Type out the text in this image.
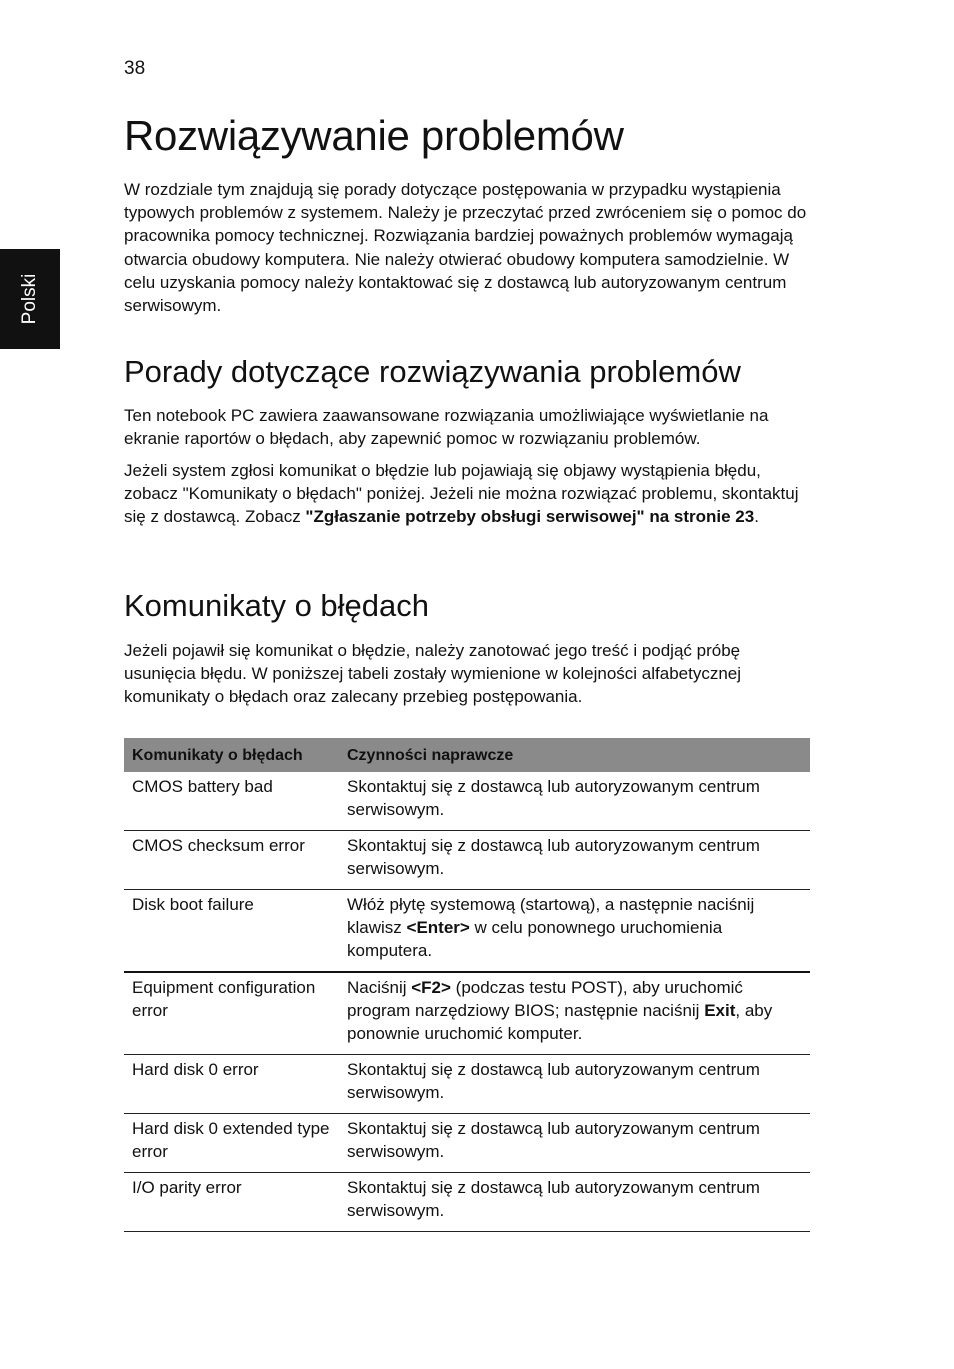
38
Polski
Rozwiązywanie problemów

W rozdziale tym znajdują się porady dotyczące postępowania w przypadku wystąpienia typowych problemów z systemem. Należy je przeczytać przed zwróceniem się o pomoc do pracownika pomocy technicznej. Rozwiązania bardziej poważnych problemów wymagają otwarcia obudowy komputera. Nie należy otwierać obudowy komputera samodzielnie. W celu uzyskania pomocy należy kontaktować się z dostawcą lub autoryzowanym centrum serwisowym.

Porady dotyczące rozwiązywania problemów

Ten notebook PC zawiera zaawansowane rozwiązania umożliwiające wyświetlanie na ekranie raportów o błędach, aby zapewnić pomoc w rozwiązaniu problemów.

Jeżeli system zgłosi komunikat o błędzie lub pojawiają się objawy wystąpienia błędu, zobacz "Komunikaty o błędach" poniżej. Jeżeli nie można rozwiązać problemu, skontaktuj się z dostawcą. Zobacz "Zgłaszanie potrzeby obsługi serwisowej" na stronie 23.

Komunikaty o błędach

Jeżeli pojawił się komunikat o błędzie, należy zanotować jego treść i podjąć próbę usunięcia błędu. W poniższej tabeli zostały wymienione w kolejności alfabetycznej komunikaty o błędach oraz zalecany przebieg postępowania.

Komunikaty o błędach	Czynności naprawcze
CMOS battery bad	Skontaktuj się z dostawcą lub autoryzowanym centrum serwisowym.
CMOS checksum error	Skontaktuj się z dostawcą lub autoryzowanym centrum serwisowym.
Disk boot failure	Włóż płytę systemową (startową), a następnie naciśnij klawisz <Enter> w celu ponownego uruchomienia komputera.
Equipment configuration error	Naciśnij <F2> (podczas testu POST), aby uruchomić program narzędziowy BIOS; następnie naciśnij Exit, aby ponownie uruchomić komputer.
Hard disk 0 error	Skontaktuj się z dostawcą lub autoryzowanym centrum serwisowym.
Hard disk 0 extended type error	Skontaktuj się z dostawcą lub autoryzowanym centrum serwisowym.
I/O parity error	Skontaktuj się z dostawcą lub autoryzowanym centrum serwisowym.
